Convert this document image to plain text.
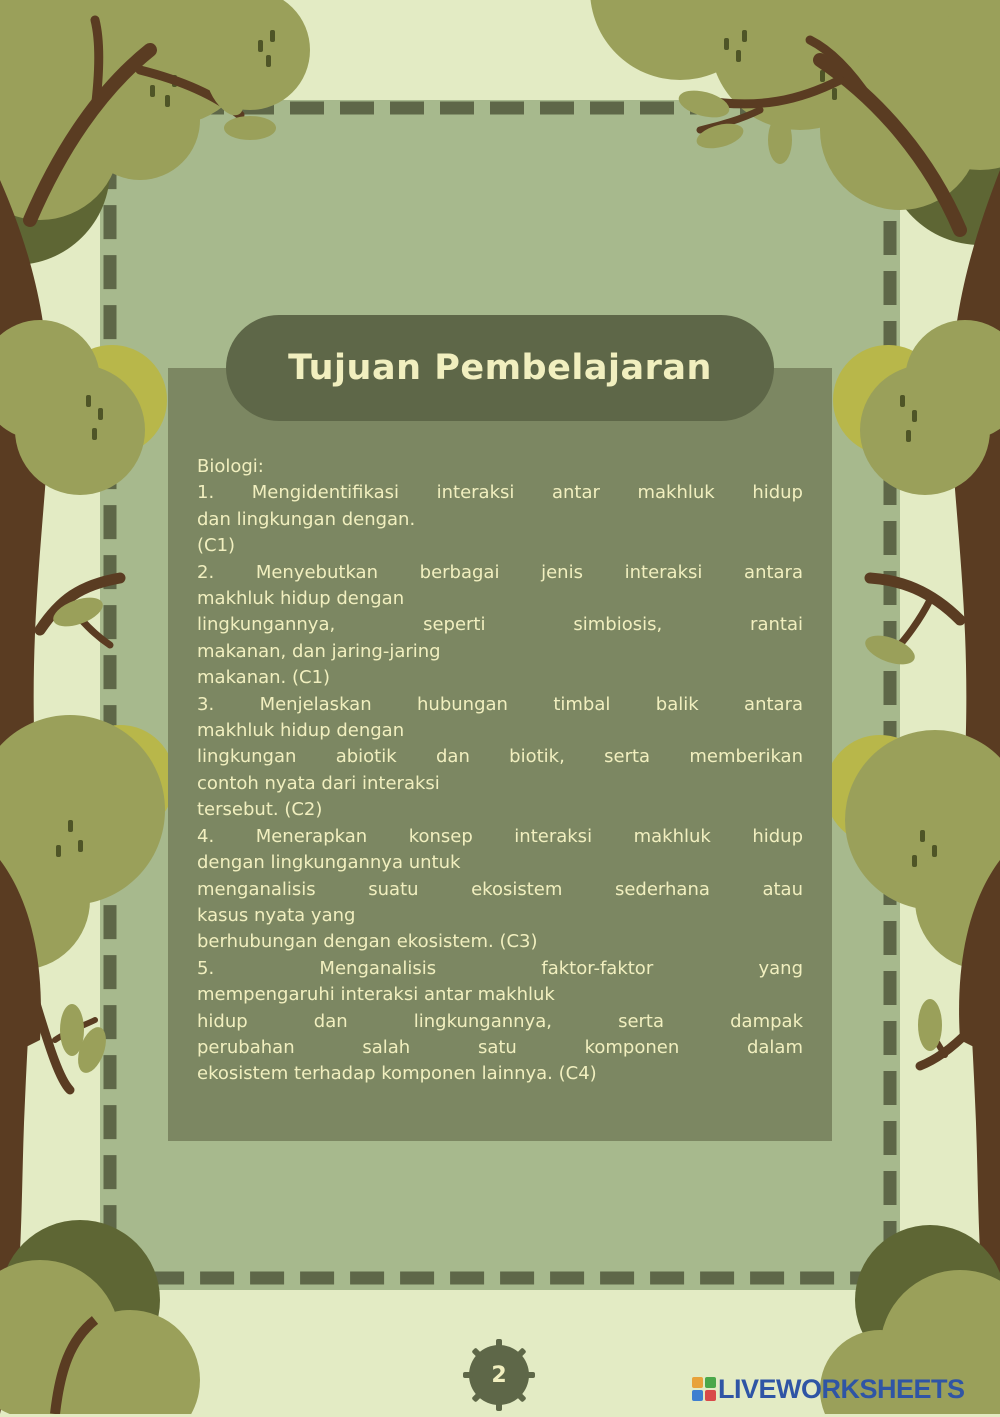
Tujuan Pembelajaran
Biologi:
1. Mengidentifikasi interaksi antar makhluk hidup
dan lingkungan dengan.
(C1)
2. Menyebutkan berbagai jenis interaksi antara
makhluk hidup dengan
lingkungannya, seperti simbiosis, rantai
makanan, dan jaring-jaring
makanan. (C1)
3. Menjelaskan hubungan timbal balik antara
makhluk hidup dengan
lingkungan abiotik dan biotik, serta memberikan
contoh nyata dari interaksi
tersebut. (C2)
4. Menerapkan konsep interaksi makhluk hidup
dengan lingkungannya untuk
menganalisis suatu ekosistem sederhana atau
kasus nyata yang
berhubungan dengan ekosistem. (C3)
5. Menganalisis faktor-faktor yang
mempengaruhi interaksi antar makhluk
hidup dan lingkungannya, serta dampak
perubahan salah satu komponen dalam
ekosistem terhadap komponen lainnya. (C4)
2	LIVEWORKSHEETS
